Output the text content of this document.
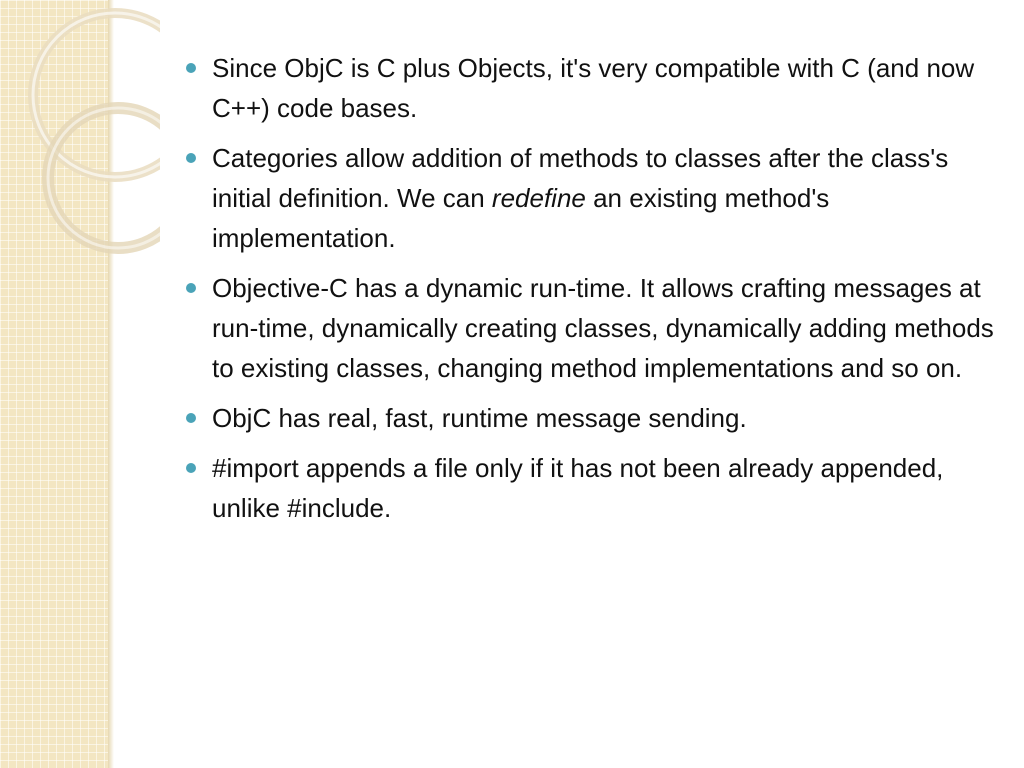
Since ObjC is C plus Objects, it's very compatible with C (and now C++) code bases.
Categories allow addition of methods to classes after the class's initial definition. We can redefine an existing method's implementation.
Objective-C has a dynamic run-time. It allows crafting messages at run-time, dynamically creating classes, dynamically adding methods to existing classes, changing method implementations and so on.
ObjC has real, fast, runtime message sending.
#import appends a file only if it has not been already appended, unlike #include.
